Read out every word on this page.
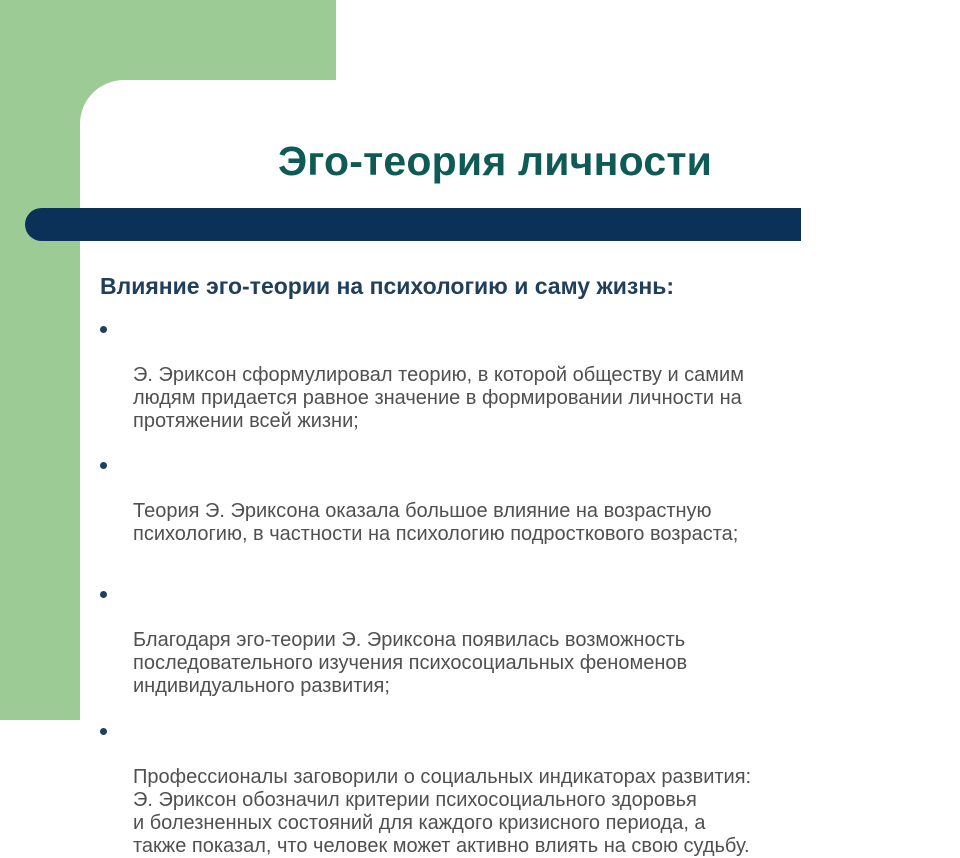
Эго-теория личности
Влияние эго-теории на психологию и саму жизнь:

Э. Эриксон сформулировал теорию, в которой обществу и самим
людям придается равное значение в формировании личности на
протяжении всей жизни;

Теория Э. Эриксона оказала большое влияние на возрастную
психологию, в частности на психологию подросткового возраста;

Благодаря эго-теории Э. Эриксона появилась возможность
последовательного изучения психосоциальных феноменов
индивидуального развития;

Профессионалы заговорили о социальных индикаторах развития:
Э. Эриксон обозначил критерии психосоциального здоровья
и болезненных состояний для каждого кризисного периода, а
также показал, что человек может активно влиять на свою судьбу.
